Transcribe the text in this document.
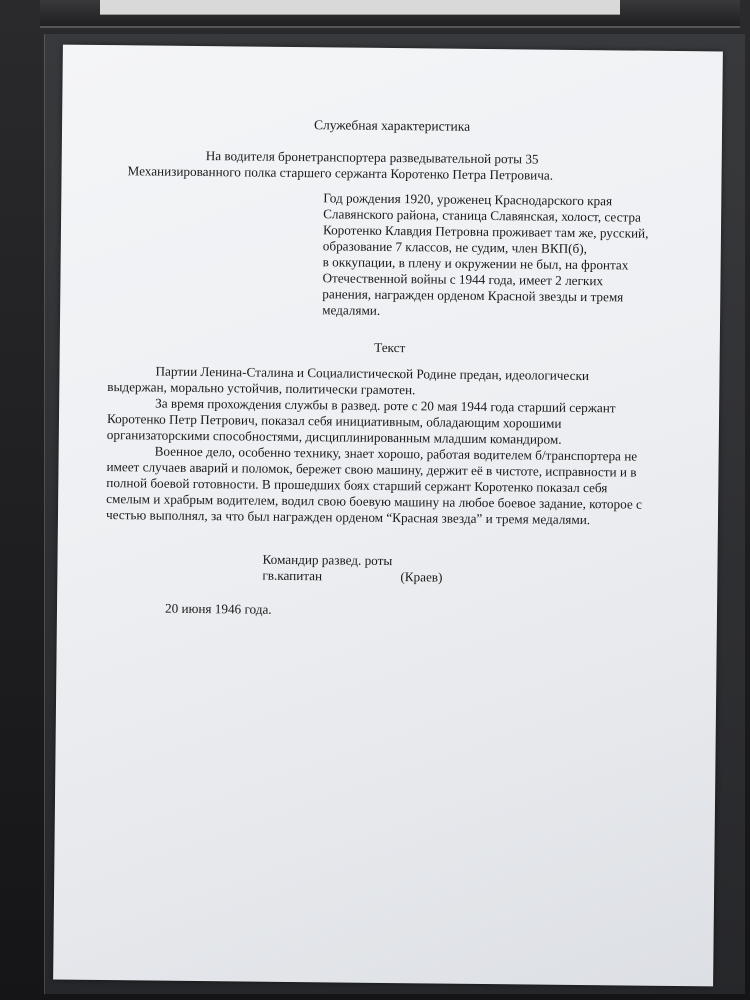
Служебная характеристика
На водителя бронетранспортера разведывательной роты 35 Механизированного полка старшего сержанта Коротенко Петра Петровича.
Год рождения 1920, уроженец Краснодарского края
Славянского района, станица Славянская, холост, сестра
Коротенко Клавдия Петровна проживает там же, русский,
образование 7 классов, не судим, член ВКП(б),
в оккупации, в плену и окружении не был, на фронтах
Отечественной войны с 1944 года, имеет 2 легких
ранения, награжден орденом Красной звезды и тремя
медалями.
Текст

Партии Ленина-Сталина и Социалистической Родине предан, идеологически выдержан, морально устойчив, политически грамотен.

За время прохождения службы в развед. роте с 20 мая 1944 года старший сержант Коротенко Петр Петрович, показал себя инициативным, обладающим хорошими организаторскими способностями, дисциплинированным младшим командиром.

Военное дело, особенно технику, знает хорошо, работая водителем б/транспортера не имеет случаев аварий и поломок, бережет свою машину, держит её в чистоте, исправности и в полной боевой готовности. В прошедших боях старший сержант Коротенко показал себя смелым и храбрым водителем, водил свою боевую машину на любое боевое задание, которое с честью выполнял, за что был награжден орденом “Красная звезда” и тремя медалями.

Командир развед. роты
гв.капитан	(Краев)
20 июня 1946 года.
